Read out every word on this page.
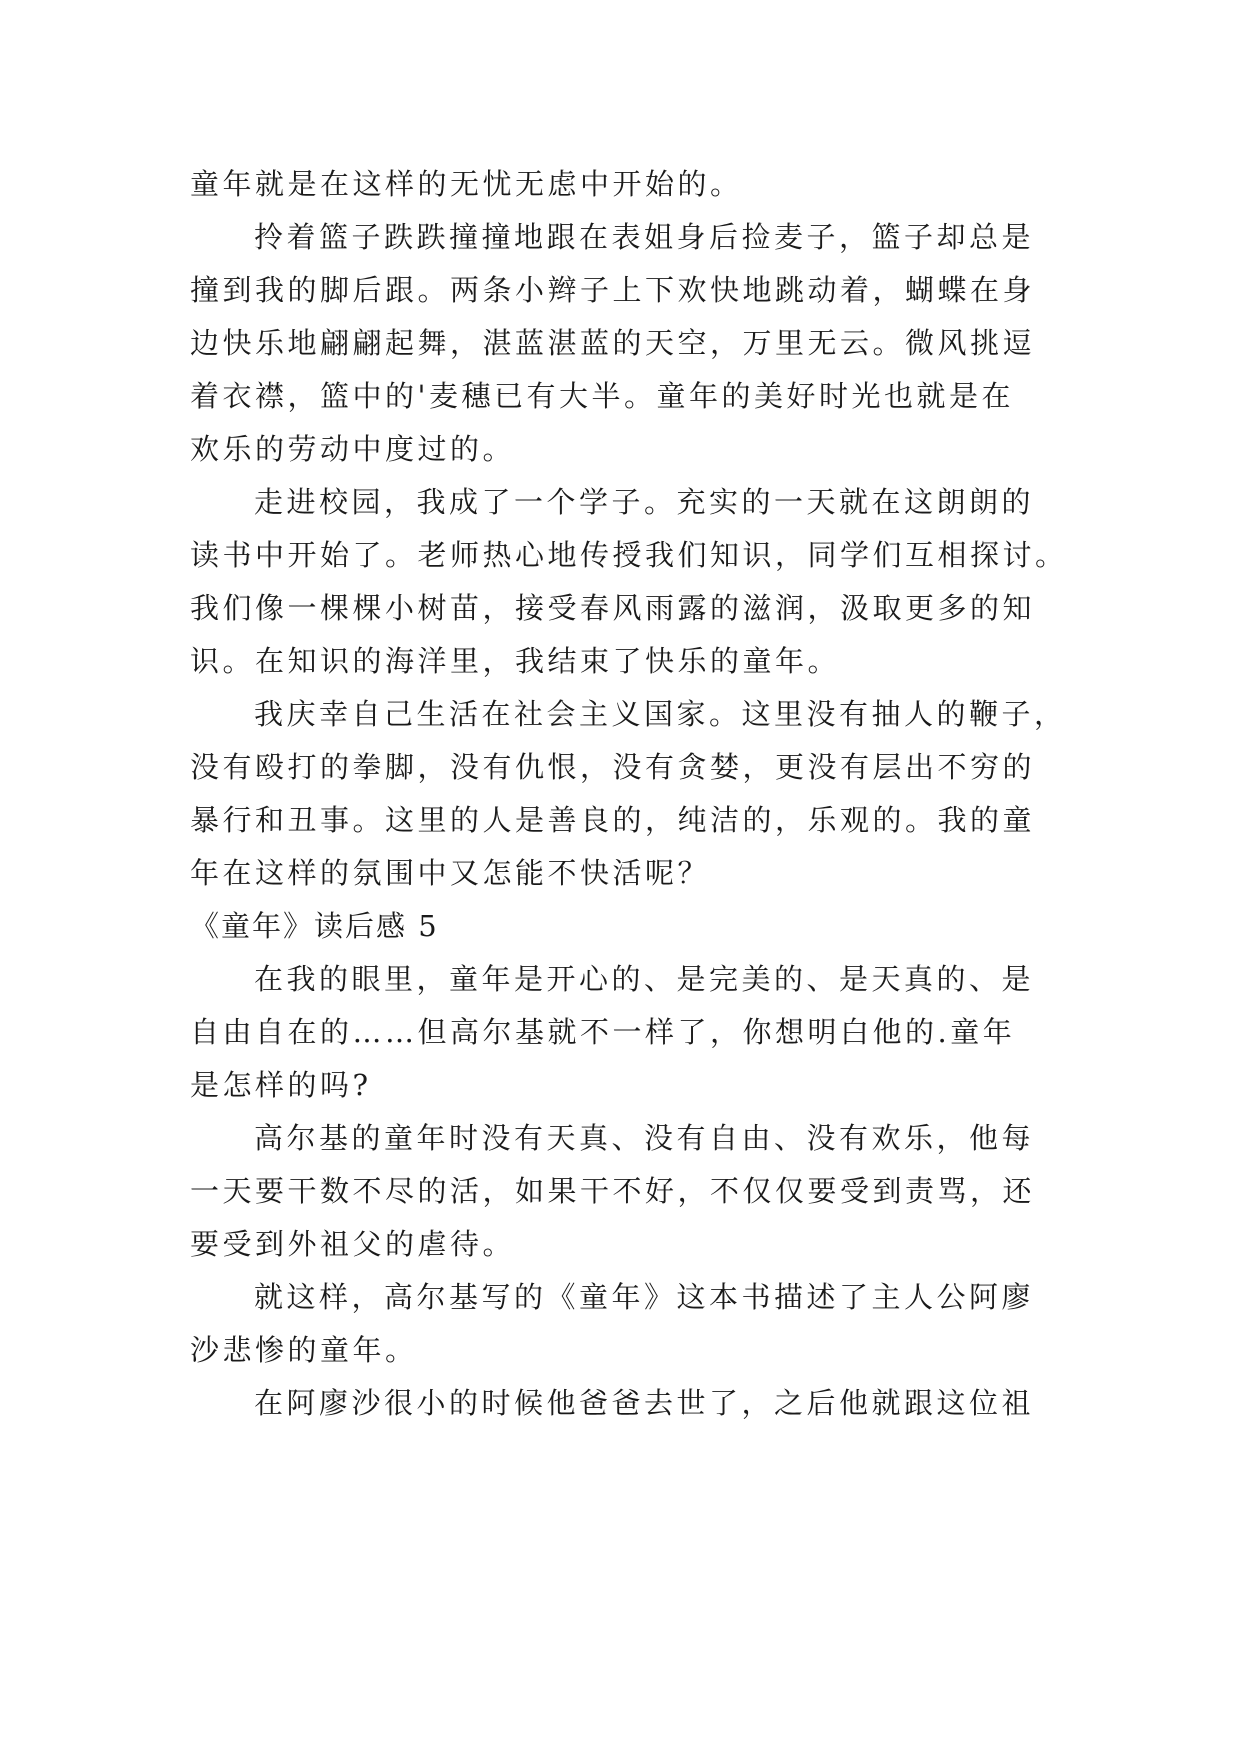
童年就是在这样的无忧无虑中开始的。
拎着篮子跌跌撞撞地跟在表姐身后捡麦子，篮子却总是
撞到我的脚后跟。两条小辫子上下欢快地跳动着，蝴蝶在身
边快乐地翩翩起舞，湛蓝湛蓝的天空，万里无云。微风挑逗
着衣襟，篮中的'麦穗已有大半。童年的美好时光也就是在
欢乐的劳动中度过的。
走进校园，我成了一个学子。充实的一天就在这朗朗的
读书中开始了。老师热心地传授我们知识，同学们互相探讨。
我们像一棵棵小树苗，接受春风雨露的滋润，汲取更多的知
识。在知识的海洋里，我结束了快乐的童年。
我庆幸自己生活在社会主义国家。这里没有抽人的鞭子，
没有殴打的拳脚，没有仇恨，没有贪婪，更没有层出不穷的
暴行和丑事。这里的人是善良的，纯洁的，乐观的。我的童
年在这样的氛围中又怎能不快活呢？
《童年》读后感 5
在我的眼里，童年是开心的、是完美的、是天真的、是
自由自在的……但高尔基就不一样了，你想明白他的.童年
是怎样的吗?
高尔基的童年时没有天真、没有自由、没有欢乐，他每
一天要干数不尽的活，如果干不好，不仅仅要受到责骂，还
要受到外祖父的虐待。
就这样，高尔基写的《童年》这本书描述了主人公阿廖
沙悲惨的童年。
在阿廖沙很小的时候他爸爸去世了，之后他就跟这位祖
